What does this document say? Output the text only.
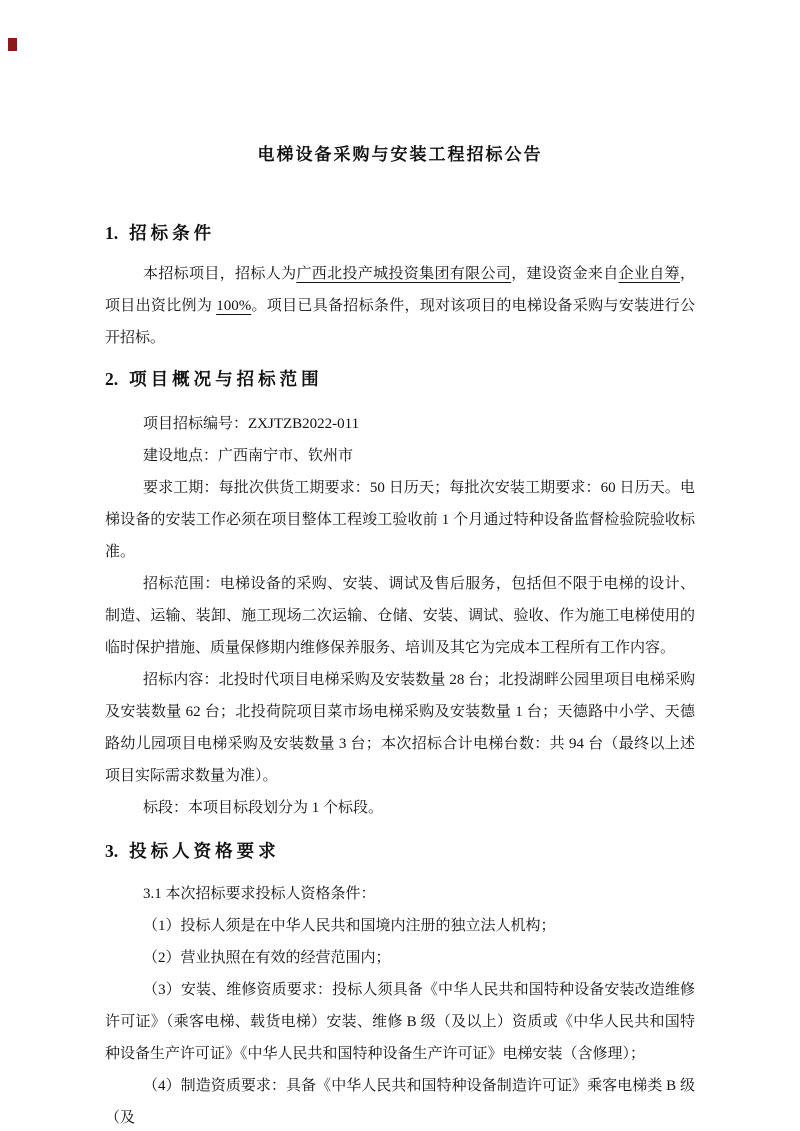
电梯设备采购与安装工程招标公告
1. 招标条件

本招标项目，招标人为广西北投产城投资集团有限公司，建设资金来自企业自筹，项目出资比例为 100%。项目已具备招标条件，现对该项目的电梯设备采购与安装进行公开招标。

2. 项目概况与招标范围

项目招标编号：ZXJTZB2022-011

建设地点：广西南宁市、钦州市

要求工期：每批次供货工期要求：50 日历天；每批次安装工期要求：60 日历天。电梯设备的安装工作必须在项目整体工程竣工验收前 1 个月通过特种设备监督检验院验收标准。

招标范围：电梯设备的采购、安装、调试及售后服务，包括但不限于电梯的设计、制造、运输、装卸、施工现场二次运输、仓储、安装、调试、验收、作为施工电梯使用的临时保护措施、质量保修期内维修保养服务、培训及其它为完成本工程所有工作内容。

招标内容：北投时代项目电梯采购及安装数量 28 台；北投湖畔公园里项目电梯采购及安装数量 62 台；北投荷院项目菜市场电梯采购及安装数量 1 台；天德路中小学、天德路幼儿园项目电梯采购及安装数量 3 台；本次招标合计电梯台数：共 94 台（最终以上述项目实际需求数量为准）。

标段：本项目标段划分为 1 个标段。

3. 投标人资格要求

3.1 本次招标要求投标人资格条件：

（1）投标人须是在中华人民共和国境内注册的独立法人机构；

（2）营业执照在有效的经营范围内；

（3）安装、维修资质要求：投标人须具备《中华人民共和国特种设备安装改造维修许可证》（乘客电梯、载货电梯）安装、维修 B 级（及以上）资质或《中华人民共和国特种设备生产许可证》《中华人民共和国特种设备生产许可证》电梯安装（含修理）；

（4）制造资质要求：具备《中华人民共和国特种设备制造许可证》乘客电梯类 B 级（及
